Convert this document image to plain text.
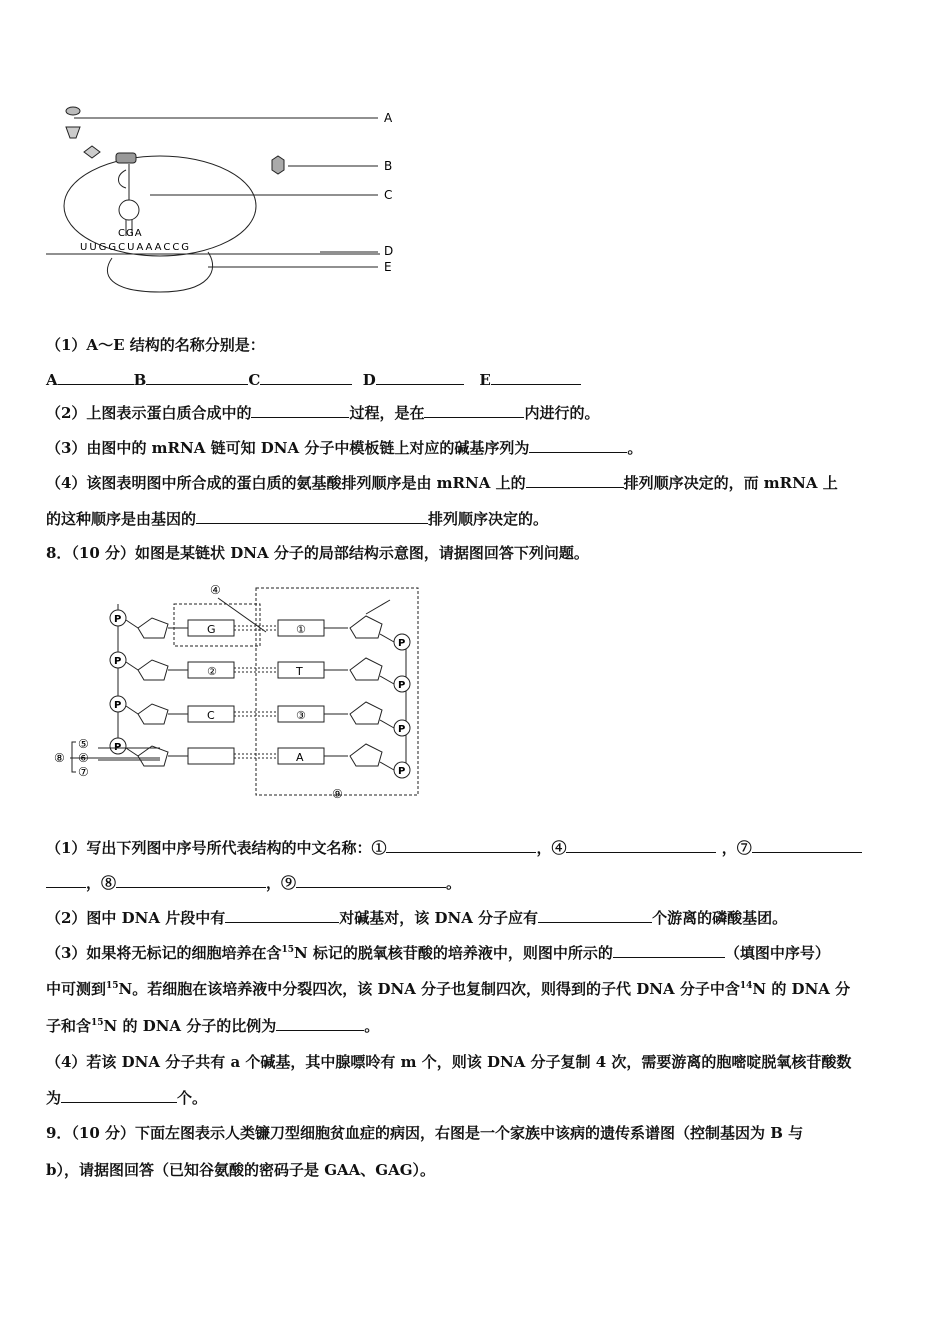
A
B
C
D
E
CGA
UUGGCUAAACCG
（1）A～E 结构的名称分别是：
A	B	C	D	E
（2）上图表示蛋白质合成中的	过程，是在	内进行的。
（3）由图中的 mRNA 链可知 DNA 分子中模板链上对应的碱基序列为	。
（4）该图表明图中所合成的蛋白质的氨基酸排列顺序是由 mRNA 上的	排列顺序决定的，而 mRNA 上
的这种顺序是由基因的	排列顺序决定的。
8．（10 分）如图是某链状 DNA 分子的局部结构示意图，请据图回答下列问题。
P
G
P
②
P
C
P
①
P
T
P
③
P
A
P
④
⑤
⑥
⑦
⑧
⑨
（1）写出下列图中序号所代表结构的中文名称：①	，④	，⑦
，⑧	，⑨	。
（2）图中 DNA 片段中有	对碱基对，该 DNA 分子应有	个游离的磷酸基团。
（3）如果将无标记的细胞培养在含$^{15}$N 标记的脱氧核苷酸的培养液中，则图中所示的	（填图中序号）
中可测到$^{15}$N。若细胞在该培养液中分裂四次，该 DNA 分子也复制四次，则得到的子代 DNA 分子中含$^{14}$N 的 DNA 分
子和含$^{15}$N 的 DNA 分子的比例为	。
（4）若该 DNA 分子共有 a 个碱基，其中腺嘌呤有 m 个，则该 DNA 分子复制 4 次，需要游离的胞嘧啶脱氧核苷酸数
为	个。
9．（10 分）下面左图表示人类镰刀型细胞贫血症的病因，右图是一个家族中该病的遗传系谱图（控制基因为 B 与
b），请据图回答（已知谷氨酸的密码子是 GAA、GAG）。
